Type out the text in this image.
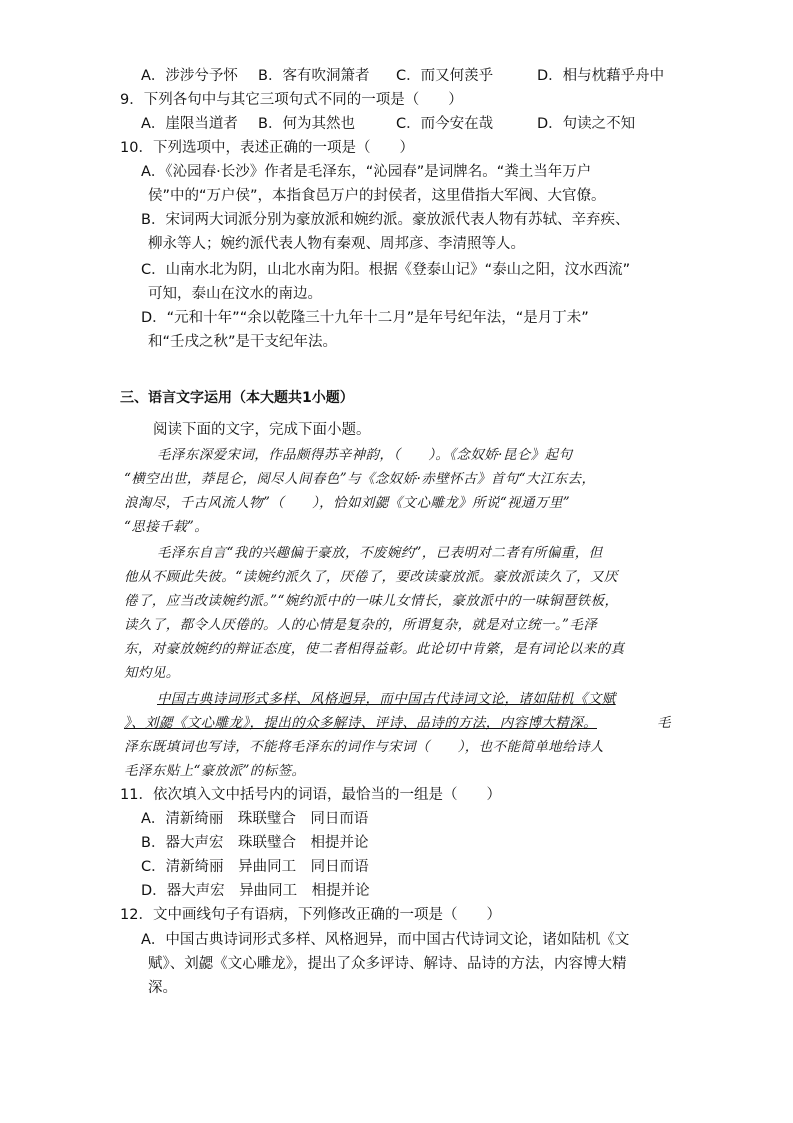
A．涉涉兮予怀 B．客有吹洞箫者 C．而又何羡乎	D．相与枕藉乎舟中
9．下列各句中与其它三项句式不同的一项是（　　）
A．崖限当道者 B．何为其然也	C．而今安在哉	D．句读之不知
10．下列选项中，表述正确的一项是（　　）
A．《沁园春·长沙》作者是毛泽东，“沁园春”是词牌名。“粪土当年万户
侯”中的“万户侯”，本指食邑万户的封侯者，这里借指大军阀、大官僚。
B．宋词两大词派分别为豪放派和婉约派。豪放派代表人物有苏轼、辛弃疾、
柳永等人；婉约派代表人物有秦观、周邦彦、李清照等人。
C．山南水北为阴，山北水南为阳。根据《登泰山记》“泰山之阳，汶水西流”
可知，泰山在汶水的南边。
D．“元和十年”“余以乾隆三十九年十二月”是年号纪年法，“是月丁未”
和“壬戌之秋”是干支纪年法。
三、语言文字运用（本大题共1小题）
阅读下面的文字，完成下面小题。
毛泽东深爱宋词，作品颇得苏辛神韵，（　　）。《念奴娇·昆仑》起句
“横空出世，莽昆仑，阅尽人间春色”与《念奴娇·赤壁怀古》首句“大江东去，
浪淘尽，千古风流人物”（　　），恰如刘勰《文心雕龙》所说“视通万里”
“思接千载”。
毛泽东自言“我的兴趣偏于豪放，不废婉约”，已表明对二者有所偏重，但
他从不顾此失彼。“读婉约派久了，厌倦了，要改读豪放派。豪放派读久了，又厌
倦了，应当改读婉约派。”“婉约派中的一味儿女情长，豪放派中的一味铜琶铁板，
读久了，都令人厌倦的。人的心情是复杂的，所谓复杂，就是对立统一。”毛泽
东，对豪放婉约的辩证态度，使二者相得益彰。此论切中肯綮，是有词论以来的真
知灼见。
中国古典诗词形式多样、风格迥异，而中国古代诗词文论，诸如陆机《文赋
》、刘勰《文心雕龙》，提出的众多解诗、评诗、品诗的方法，内容博大精深。	毛
泽东既填词也写诗，不能将毛泽东的词作与宋词（　　），也不能简单地给诗人
毛泽东贴上“豪放派”的标签。
11．依次填入文中括号内的词语，最恰当的一组是（　　）
A．清新绮丽　珠联璧合　同日而语
B．器大声宏　珠联璧合　相提并论
C．清新绮丽　异曲同工　同日而语
D．器大声宏　异曲同工　相提并论
12．文中画线句子有语病，下列修改正确的一项是（　　）
A．中国古典诗词形式多样、风格迥异，而中国古代诗词文论，诸如陆机《文
赋》、刘勰《文心雕龙》，提出了众多评诗、解诗、品诗的方法，内容博大精
深。
